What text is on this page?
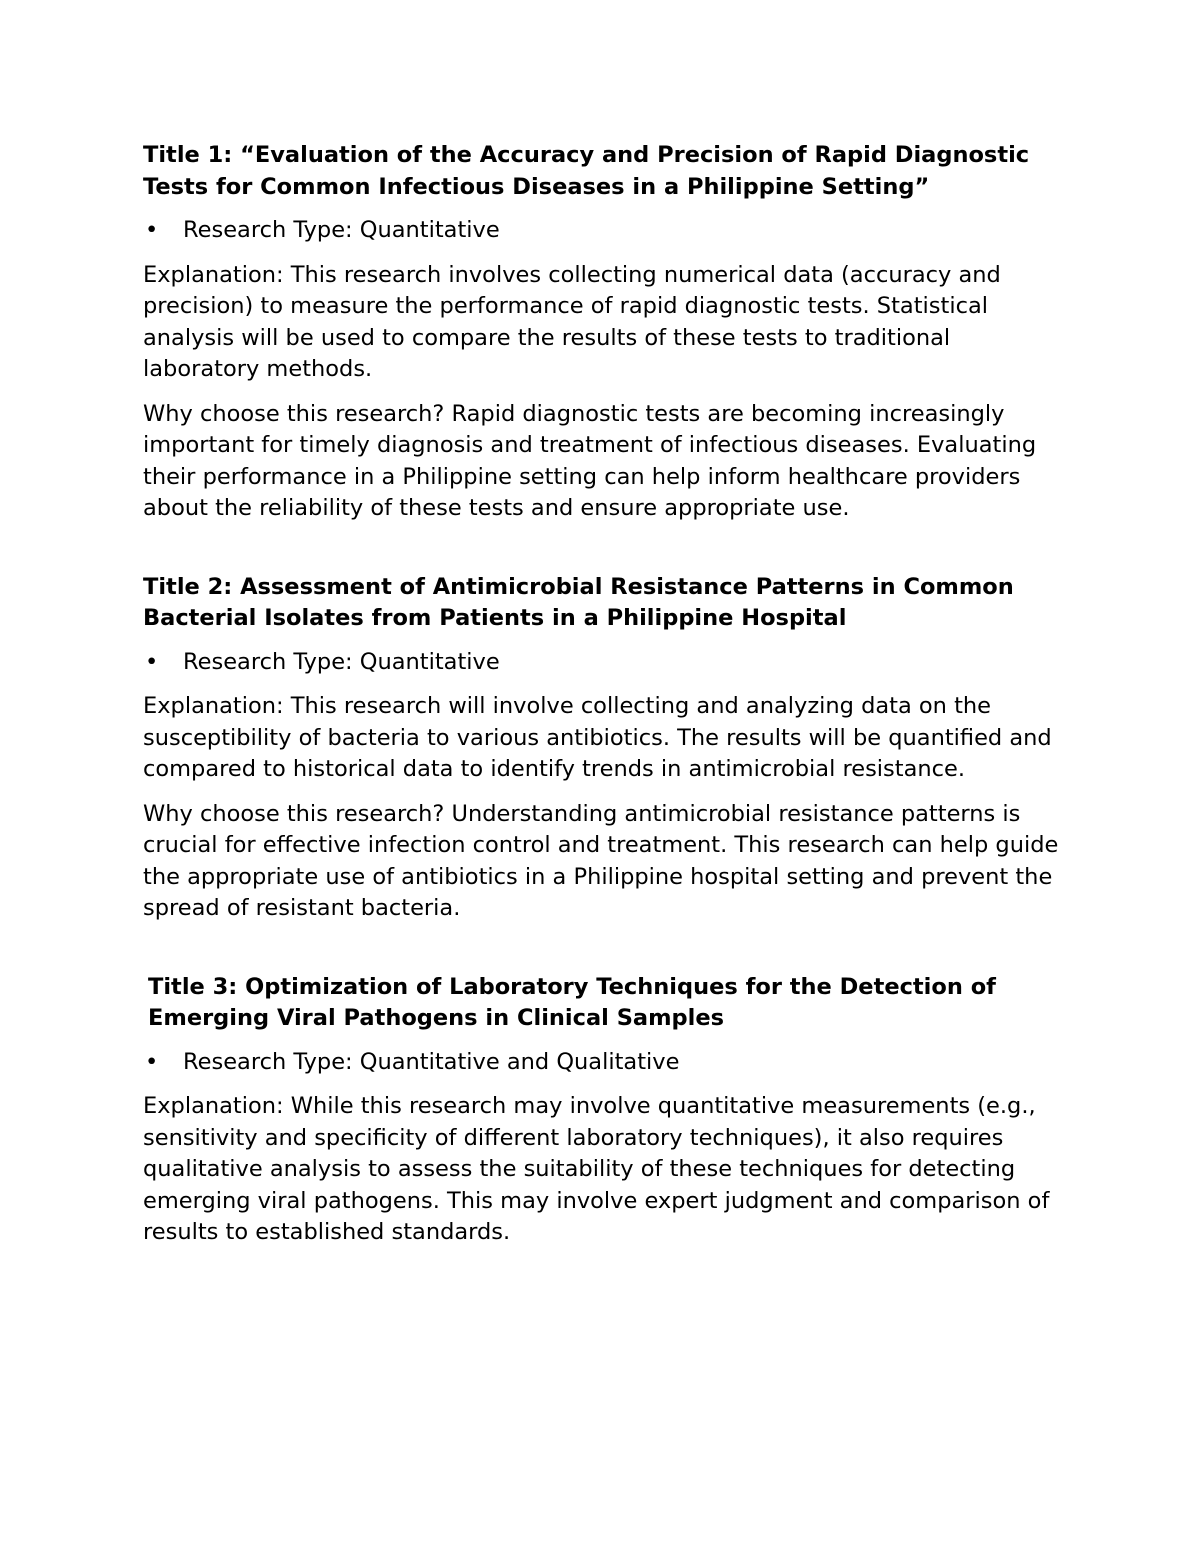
Title 1: “Evaluation of the Accuracy and Precision of Rapid Diagnostic Tests for Common Infectious Diseases in a Philippine Setting”

•	Research Type: Quantitative

Explanation: This research involves collecting numerical data (accuracy and precision) to measure the performance of rapid diagnostic tests. Statistical analysis will be used to compare the results of these tests to traditional laboratory methods.

Why choose this research? Rapid diagnostic tests are becoming increasingly important for timely diagnosis and treatment of infectious diseases. Evaluating their performance in a Philippine setting can help inform healthcare providers about the reliability of these tests and ensure appropriate use.

Title 2: Assessment of Antimicrobial Resistance Patterns in Common Bacterial Isolates from Patients in a Philippine Hospital

•	Research Type: Quantitative

Explanation: This research will involve collecting and analyzing data on the susceptibility of bacteria to various antibiotics. The results will be quantified and compared to historical data to identify trends in antimicrobial resistance.

Why choose this research? Understanding antimicrobial resistance patterns is crucial for effective infection control and treatment. This research can help guide the appropriate use of antibiotics in a Philippine hospital setting and prevent the spread of resistant bacteria.

Title 3: Optimization of Laboratory Techniques for the Detection of Emerging Viral Pathogens in Clinical Samples

•	Research Type: Quantitative and Qualitative

Explanation: While this research may involve quantitative measurements (e.g., sensitivity and specificity of different laboratory techniques), it also requires qualitative analysis to assess the suitability of these techniques for detecting emerging viral pathogens. This may involve expert judgment and comparison of results to established standards.
